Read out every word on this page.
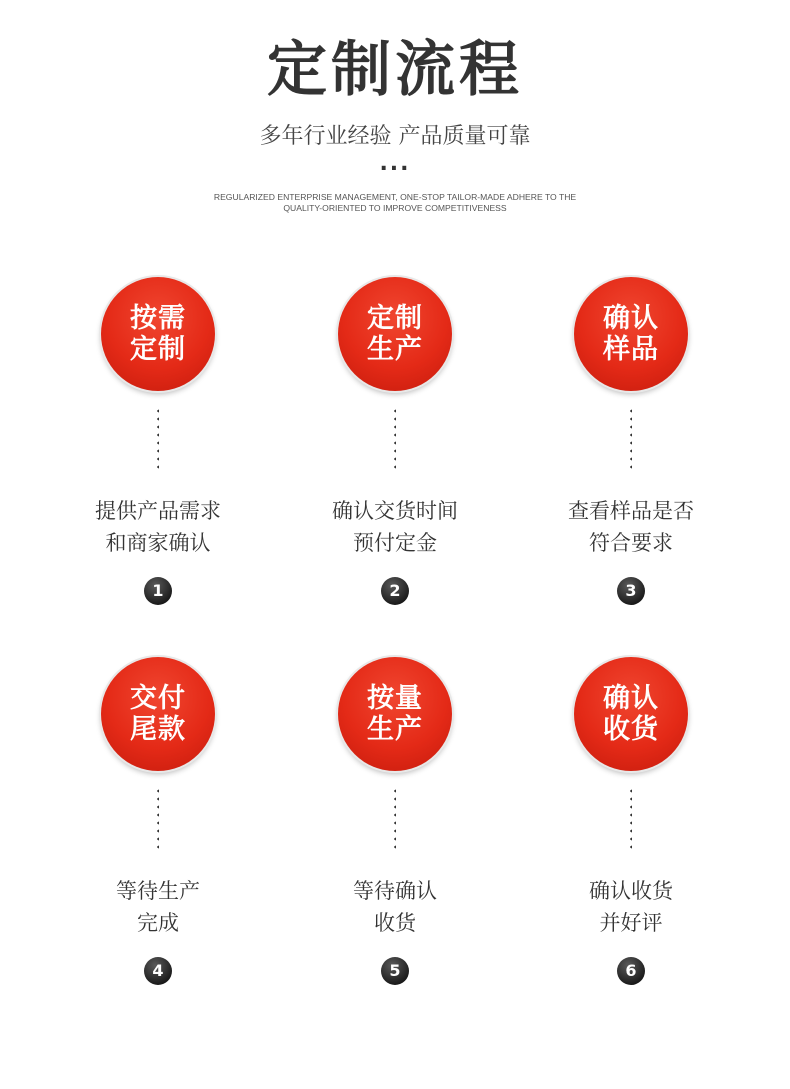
定制流程
多年行业经验 产品质量可靠
...
REGULARIZED ENTERPRISE MANAGEMENT, ONE-STOP TAILOR-MADE ADHERE TO THE
QUALITY-ORIENTED TO IMPROVE COMPETITIVENESS
按需
定制
提供产品需求
和商家确认
1
定制
生产
确认交货时间
预付定金
2
确认
样品
查看样品是否
符合要求
3
交付
尾款
等待生产
完成
4
按量
生产
等待确认
收货
5
确认
收货
确认收货
并好评
6
